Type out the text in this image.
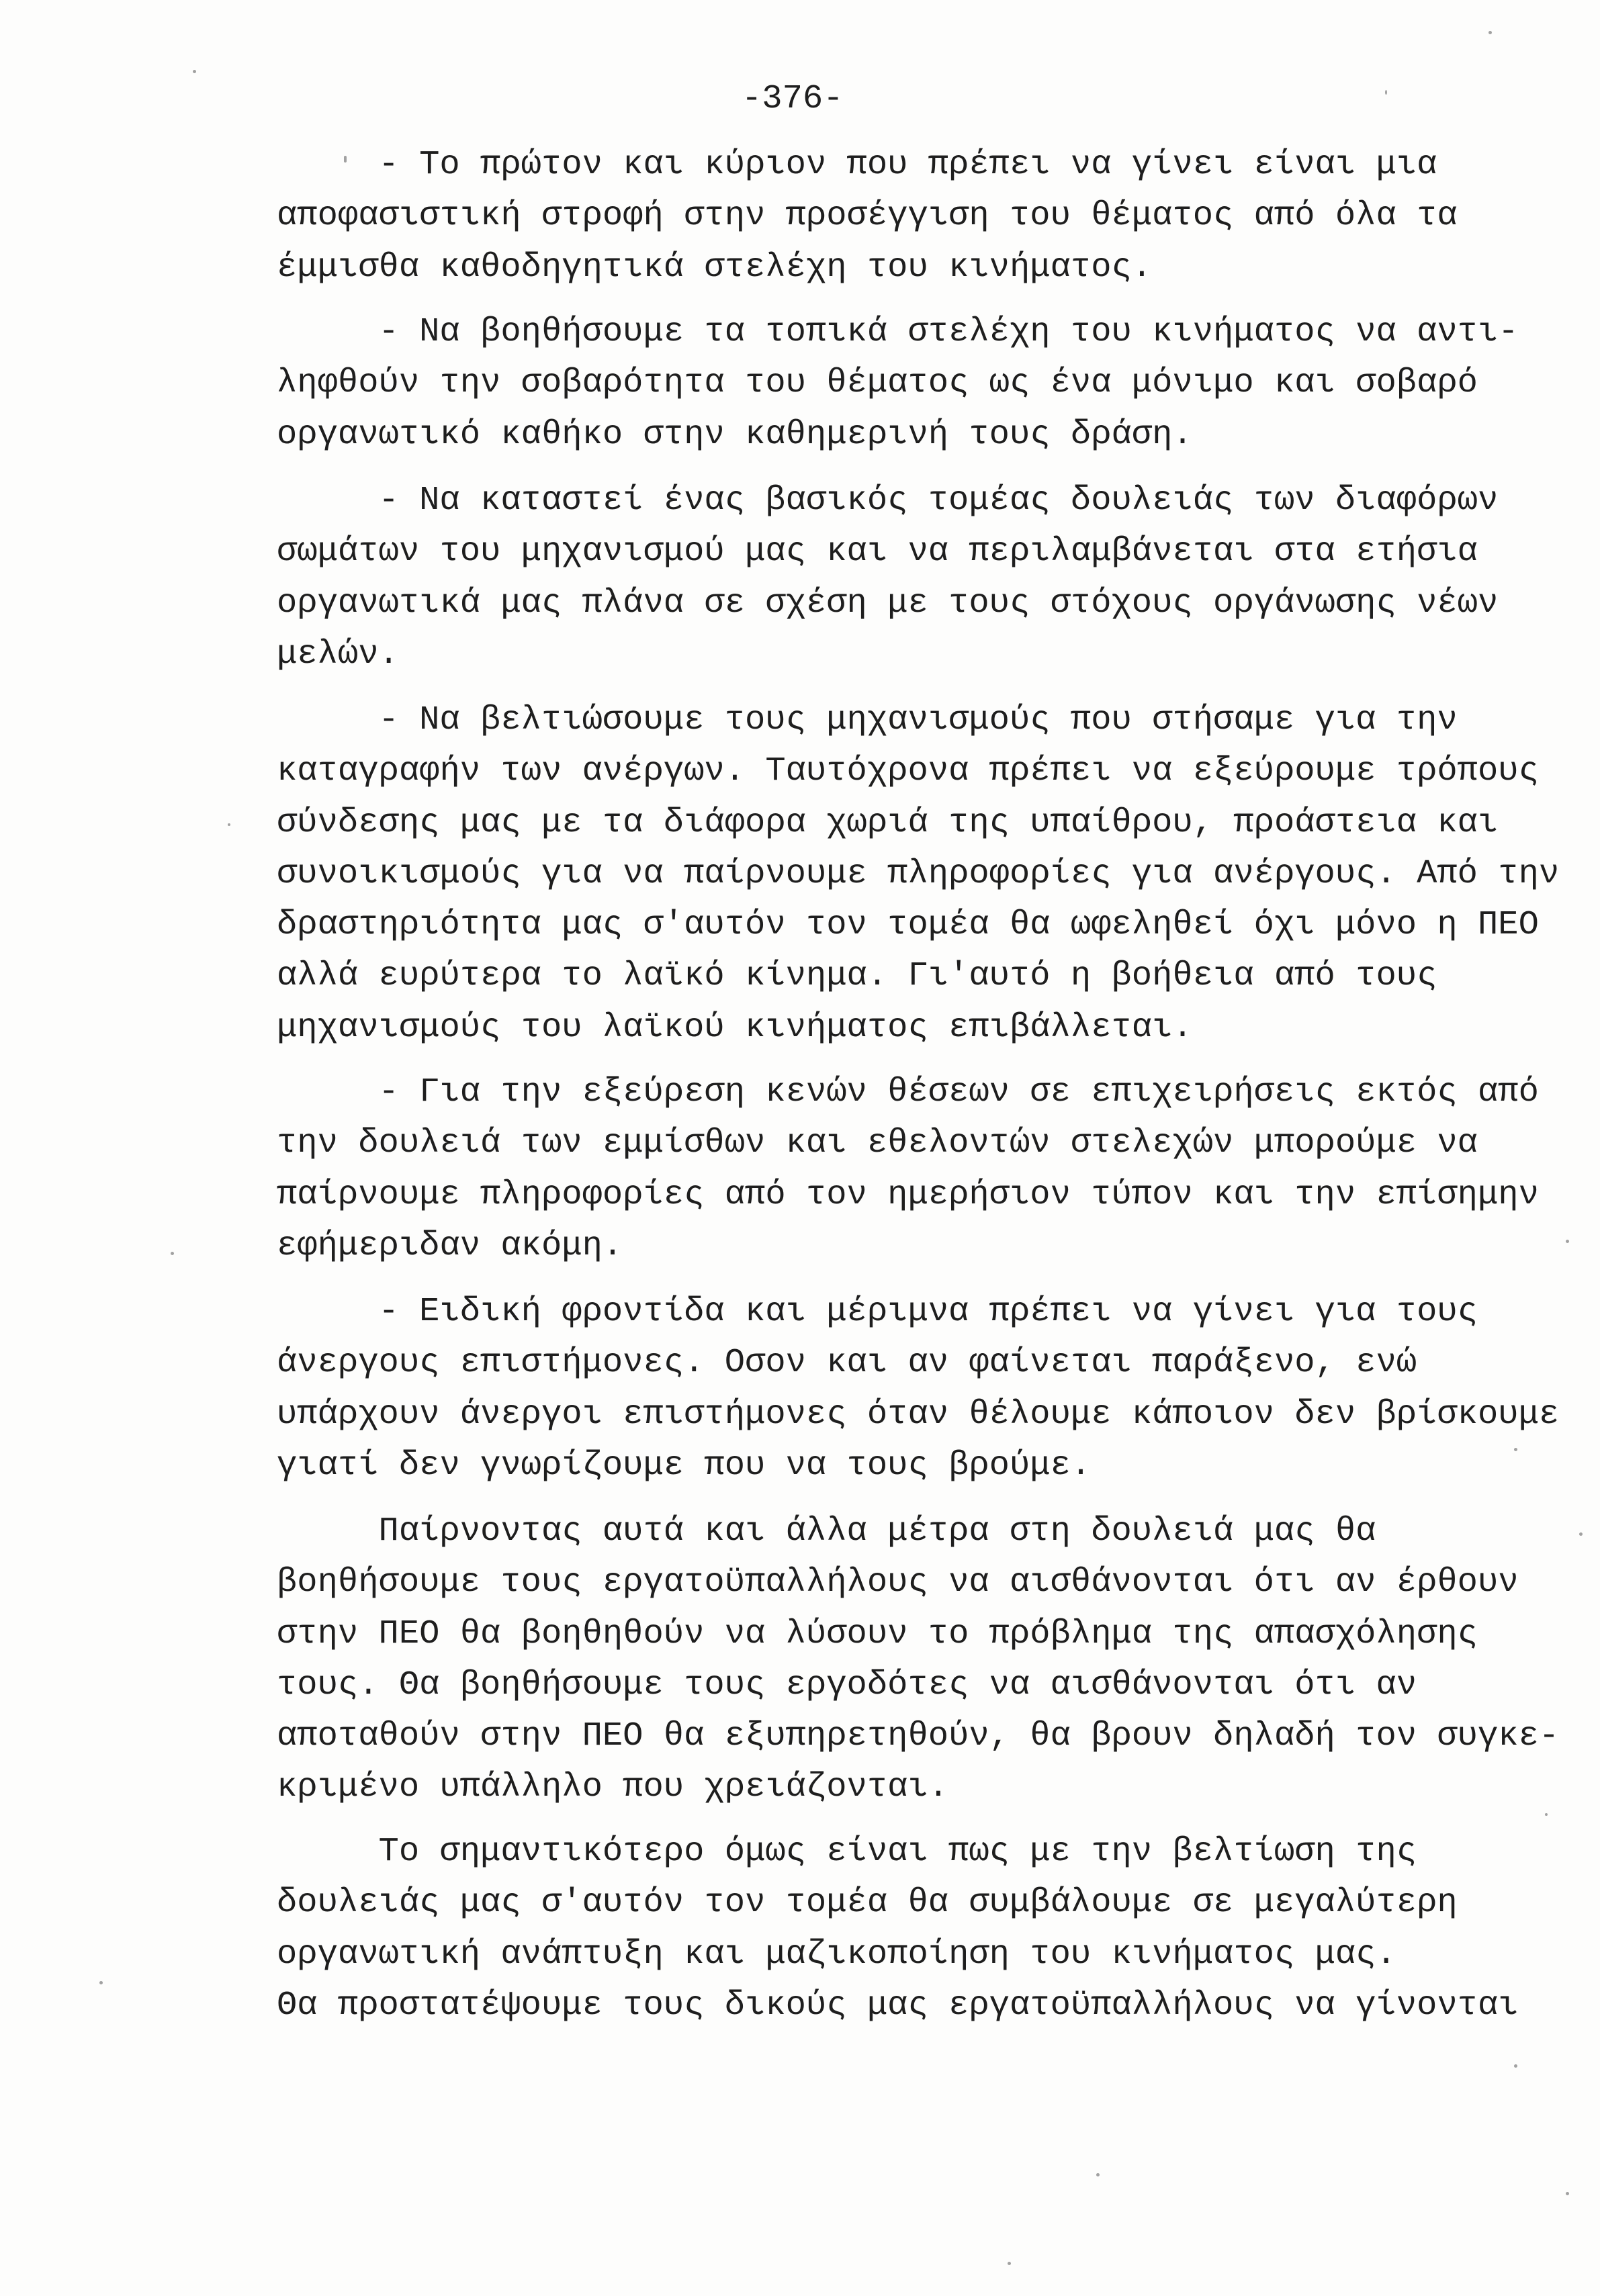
-376-
- Το πρώτον και κύριον που πρέπει να γίνει είναι μια
αποφασιστική στροφή στην προσέγγιση του θέματος από όλα τα
έμμισθα καθοδηγητικά στελέχη του κινήματος.
- Να βοηθήσουμε τα τοπικά στελέχη του κινήματος να αντι-
ληφθούν την σοβαρότητα του θέματος ως ένα μόνιμο και σοβαρό
οργανωτικό καθήκο στην καθημερινή τους δράση.
- Να καταστεί ένας βασικός τομέας δουλειάς των διαφόρων
σωμάτων του μηχανισμού μας και να περιλαμβάνεται στα ετήσια
οργανωτικά μας πλάνα σε σχέση με τους στόχους οργάνωσης νέων
μελών.
- Να βελτιώσουμε τους μηχανισμούς που στήσαμε για την
καταγραφήν των ανέργων. Ταυτόχρονα πρέπει να εξεύρουμε τρόπους
σύνδεσης μας με τα διάφορα χωριά της υπαίθρου, προάστεια και
συνοικισμούς για να παίρνουμε πληροφορίες για ανέργους. Από την
δραστηριότητα μας σ'αυτόν τον τομέα θα ωφεληθεί όχι μόνο η ΠΕΟ
αλλά ευρύτερα το λαϊκό κίνημα. Γι'αυτό η βοήθεια από τους
μηχανισμούς του λαϊκού κινήματος επιβάλλεται.
- Για την εξεύρεση κενών θέσεων σε επιχειρήσεις εκτός από
την δουλειά των εμμίσθων και εθελοντών στελεχών μπορούμε να
παίρνουμε πληροφορίες από τον ημερήσιον τύπον και την επίσημην
εφήμεριδαν ακόμη.
- Ειδική φροντίδα και μέριμνα πρέπει να γίνει για τους
άνεργους επιστήμονες. Οσον και αν φαίνεται παράξενο, ενώ
υπάρχουν άνεργοι επιστήμονες όταν θέλουμε κάποιον δεν βρίσκουμε
γιατί δεν γνωρίζουμε που να τους βρούμε.
Παίρνοντας αυτά και άλλα μέτρα στη δουλειά μας θα
βοηθήσουμε τους εργατοϋπαλλήλους να αισθάνονται ότι αν έρθουν
στην ΠΕΟ θα βοηθηθούν να λύσουν το πρόβλημα της απασχόλησης
τους. Θα βοηθήσουμε τους εργοδότες να αισθάνονται ότι αν
αποταθούν στην ΠΕΟ θα εξυπηρετηθούν, θα βρουν δηλαδή τον συγκε-
κριμένο υπάλληλο που χρειάζονται.
Το σημαντικότερο όμως είναι πως με την βελτίωση της
δουλειάς μας σ'αυτόν τον τομέα θα συμβάλουμε σε μεγαλύτερη
οργανωτική ανάπτυξη και μαζικοποίηση του κινήματος μας.
Θα προστατέψουμε τους δικούς μας εργατοϋπαλλήλους να γίνονται
